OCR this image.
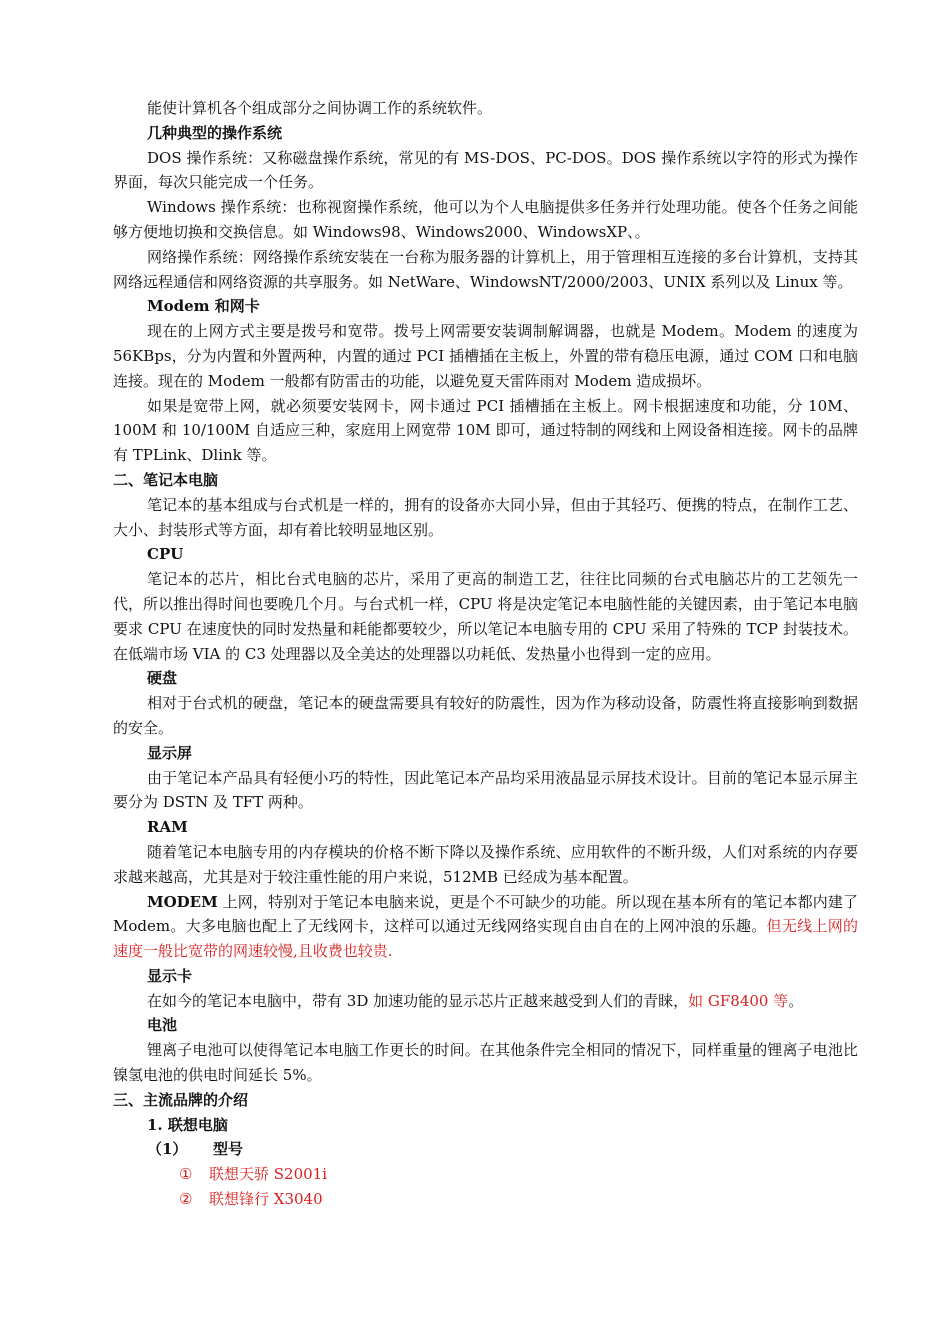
能使计算机各个组成部分之间协调工作的系统软件。

几种典型的操作系统

DOS 操作系统：又称磁盘操作系统，常见的有 MS-DOS、PC-DOS。DOS 操作系统以字符的形式为操作界面，每次只能完成一个任务。

Windows 操作系统：也称视窗操作系统，他可以为个人电脑提供多任务并行处理功能。使各个任务之间能够方便地切换和交换信息。如 Windows98、Windows2000、WindowsXP、。

网络操作系统：网络操作系统安装在一台称为服务器的计算机上，用于管理相互连接的多台计算机，支持其网络远程通信和网络资源的共享服务。如 NetWare、WindowsNT/2000/2003、UNIX 系列以及 Linux 等。

Modem 和网卡

现在的上网方式主要是拨号和宽带。拨号上网需要安装调制解调器，也就是 Modem。Modem 的速度为 56KBps，分为内置和外置两种，内置的通过 PCI 插槽插在主板上，外置的带有稳压电源，通过 COM 口和电脑连接。现在的 Modem 一般都有防雷击的功能，以避免夏天雷阵雨对 Modem 造成损坏。

如果是宽带上网，就必须要安装网卡，网卡通过 PCI 插槽插在主板上。网卡根据速度和功能，分 10M、100M 和 10/100M 自适应三种，家庭用上网宽带 10M 即可，通过特制的网线和上网设备相连接。网卡的品牌有 TPLink、Dlink 等。

二、笔记本电脑

笔记本的基本组成与台式机是一样的，拥有的设备亦大同小异，但由于其轻巧、便携的特点，在制作工艺、大小、封装形式等方面，却有着比较明显地区别。

CPU

笔记本的芯片，相比台式电脑的芯片，采用了更高的制造工艺，往往比同频的台式电脑芯片的工艺领先一代，所以推出得时间也要晚几个月。与台式机一样，CPU 将是决定笔记本电脑性能的关键因素，由于笔记本电脑要求 CPU 在速度快的同时发热量和耗能都要较少，所以笔记本电脑专用的 CPU 采用了特殊的 TCP 封装技术。在低端市场 VIA 的 C3 处理器以及全美达的处理器以功耗低、发热量小也得到一定的应用。

硬盘

相对于台式机的硬盘，笔记本的硬盘需要具有较好的防震性，因为作为移动设备，防震性将直接影响到数据的安全。

显示屏

由于笔记本产品具有轻便小巧的特性，因此笔记本产品均采用液晶显示屏技术设计。目前的笔记本显示屏主要分为 DSTN 及 TFT 两种。

RAM

随着笔记本电脑专用的内存模块的价格不断下降以及操作系统、应用软件的不断升级，人们对系统的内存要求越来越高，尤其是对于较注重性能的用户来说，512MB 已经成为基本配置。

MODEM 上网，特别对于笔记本电脑来说，更是个不可缺少的功能。所以现在基本所有的笔记本都内建了 Modem。大多电脑也配上了无线网卡，这样可以通过无线网络实现自由自在的上网冲浪的乐趣。但无线上网的速度一般比宽带的网速较慢,且收费也较贵.

显示卡

在如今的笔记本电脑中，带有 3D 加速功能的显示芯片正越来越受到人们的青睐，如 GF8400 等。

电池

锂离子电池可以使得笔记本电脑工作更长的时间。在其他条件完全相同的情况下，同样重量的锂离子电池比镍氢电池的供电时间延长 5%。

三、主流品牌的介绍

1. 联想电脑

（1） 型号

① 联想天骄 S2001i

② 联想锋行 X3040
